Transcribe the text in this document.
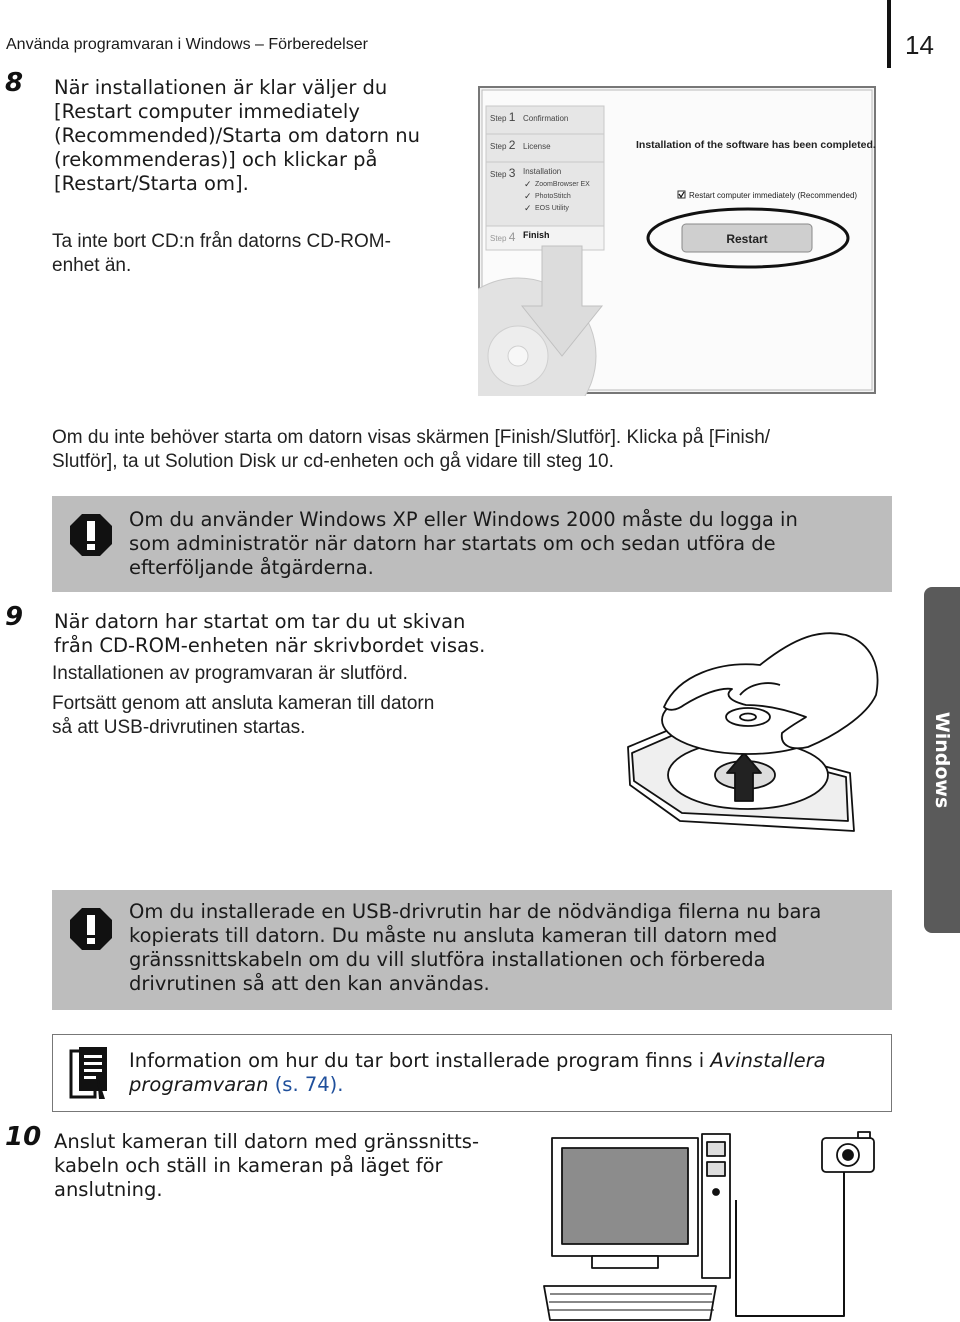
Använda programvaran i Windows – Förberedelser	14
8 När installationen är klar väljer du
[Restart computer immediately
(Recommended)/Starta om datorn nu
(rekommenderas)] och klickar på
[Restart/Starta om].
Ta inte bort CD:n från datorns CD-ROM-
enhet än.
Step 1 Confirmation
Step 2 License
Step 3 Installation
✓ ZoomBrowser EX
✓ PhotoStitch
✓ EOS Utility
Step 4 Finish
Installation of the software has been completed.
Restart computer immediately (Recommended)
Restart
Om du inte behöver starta om datorn visas skärmen [Finish/Slutför]. Klicka på [Finish/
Slutför], ta ut Solution Disk ur cd-enheten och gå vidare till steg 10.
Om du använder Windows XP eller Windows 2000 måste du logga in
som administratör när datorn har startats om och sedan utföra de
efterföljande åtgärderna.
9 När datorn har startat om tar du ut skivan
från CD-ROM-enheten när skrivbordet visas.
Installationen av programvaran är slutförd.
Fortsätt genom att ansluta kameran till datorn
så att USB-drivrutinen startas.	Windows
Om du installerade en USB-drivrutin har de nödvändiga filerna nu bara
kopierats till datorn. Du måste nu ansluta kameran till datorn med
gränssnittskabeln om du vill slutföra installationen och förbereda
drivrutinen så att den kan användas.
Information om hur du tar bort installerade program finns i Avinstallera
programvaran (s. 74).
10 Anslut kameran till datorn med gränssnitts-
kabeln och ställ in kameran på läget för
anslutning.
